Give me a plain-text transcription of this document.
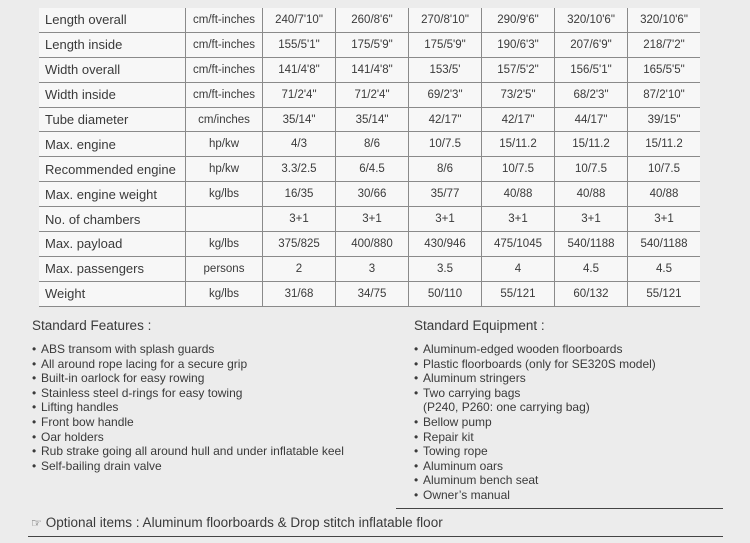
Length overall	cm/ft-inches	240/7'10"	260/8'6"	270/8'10"	290/9'6"	320/10'6"	320/10'6"
Length inside	cm/ft-inches	155/5'1"	175/5'9"	175/5'9"	190/6'3"	207/6'9"	218/7'2"
Width overall	cm/ft-inches	141/4'8"	141/4'8"	153/5'	157/5'2"	156/5'1"	165/5'5"
Width inside	cm/ft-inches	71/2'4"	71/2'4"	69/2'3"	73/2'5"	68/2'3"	87/2'10"
Tube diameter	cm/inches	35/14"	35/14"	42/17"	42/17"	44/17"	39/15"
Max. engine	hp/kw	4/3	8/6	10/7.5	15/11.2	15/11.2	15/11.2
Recommended engine	hp/kw	3.3/2.5	6/4.5	8/6	10/7.5	10/7.5	10/7.5
Max. engine weight	kg/lbs	16/35	30/66	35/77	40/88	40/88	40/88
No. of chambers		3+1	3+1	3+1	3+1	3+1	3+1
Max. payload	kg/lbs	375/825	400/880	430/946	475/1045	540/1188	540/1188
Max. passengers	persons	2	3	3.5	4	4.5	4.5
Weight	kg/lbs	31/68	34/75	50/110	55/121	60/132	55/121
Standard Features :
• ABS transom with splash guards
• All around rope lacing for a secure grip
• Built-in oarlock for easy rowing
• Stainless steel d-rings for easy towing
• Lifting handles
• Front bow handle
• Oar holders
• Rub strake going all around hull and under inflatable keel
• Self-bailing drain valve
Standard Equipment :
• Aluminum-edged wooden floorboards
• Plastic floorboards (only for SE320S model)
• Aluminum stringers
• Two carrying bags
(P240, P260: one carrying bag)
• Bellow pump
• Repair kit
• Towing rope
• Aluminum oars
• Aluminum bench seat
• Owner’s manual
☞ Optional items : Aluminum floorboards & Drop stitch inflatable floor
